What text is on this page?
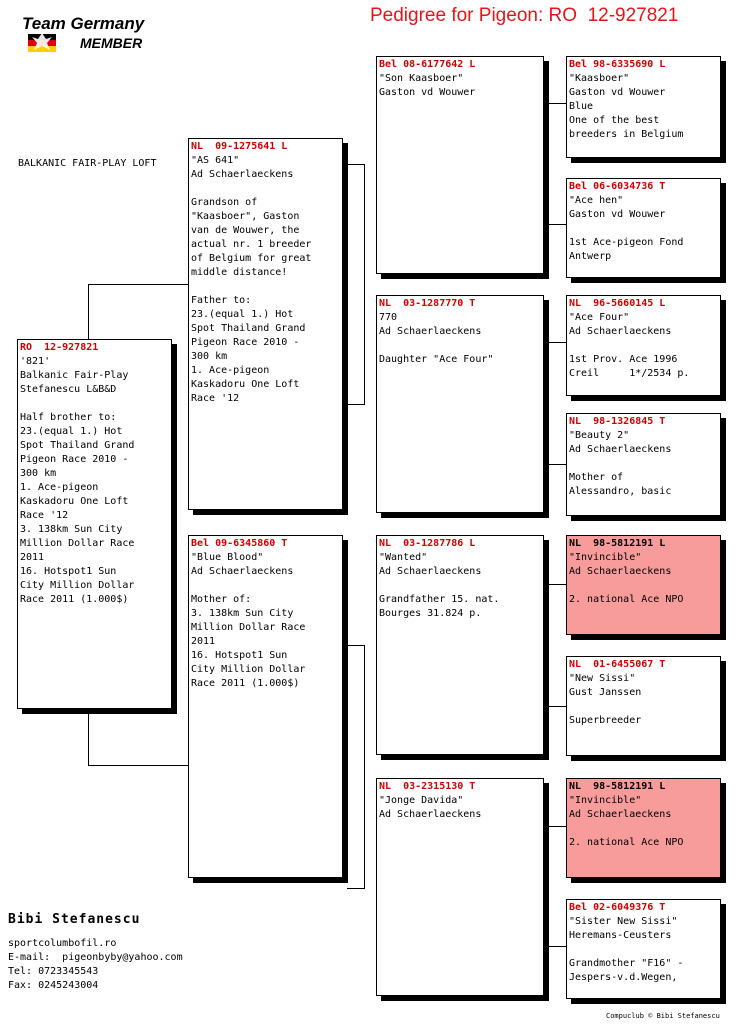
Team Germany
MEMBER
Pedigree for Pigeon: RO  12-927821
BALKANIC FAIR-PLAY LOFT
RO  12-927821
'821'
Balkanic Fair-Play
Stefanescu L&B&D

Half brother to:
23.(equal 1.) Hot
Spot Thailand Grand
Pigeon Race 2010 -
300 km
1. Ace-pigeon
Kaskadoru One Loft
Race '12
3. 138km Sun City
Million Dollar Race
2011
16. Hotspot1 Sun
City Million Dollar
Race 2011 (1.000$)
NL  09-1275641 L
"AS 641"
Ad Schaerlaeckens

Grandson of
"Kaasboer", Gaston
van de Wouwer, the
actual nr. 1 breeder
of Belgium for great
middle distance!

Father to:
23.(equal 1.) Hot
Spot Thailand Grand
Pigeon Race 2010 -
300 km
1. Ace-pigeon
Kaskadoru One Loft
Race '12
Bel 09-6345860 T
"Blue Blood"
Ad Schaerlaeckens

Mother of:
3. 138km Sun City
Million Dollar Race
2011
16. Hotspot1 Sun
City Million Dollar
Race 2011 (1.000$)
Bel 08-6177642 L
"Son Kaasboer"
Gaston vd Wouwer
NL  03-1287770 T
770
Ad Schaerlaeckens

Daughter "Ace Four"
NL  03-1287786 L
"Wanted"
Ad Schaerlaeckens

Grandfather 15. nat.
Bourges 31.824 p.
NL  03-2315130 T
"Jonge Davida"
Ad Schaerlaeckens
Bel 98-6335690 L
"Kaasboer"
Gaston vd Wouwer
Blue
One of the best
breeders in Belgium
Bel 06-6034736 T
"Ace hen"
Gaston vd Wouwer

1st Ace-pigeon Fond
Antwerp
NL  96-5660145 L
"Ace Four"
Ad Schaerlaeckens

1st Prov. Ace 1996
Creil     1*/2534 p.
NL  98-1326845 T
"Beauty 2"
Ad Schaerlaeckens

Mother of
Alessandro, basic
NL  98-5812191 L
"Invincible"
Ad Schaerlaeckens

2. national Ace NPO
NL  01-6455067 T
"New Sissi"
Gust Janssen

Superbreeder
NL  98-5812191 L
"Invincible"
Ad Schaerlaeckens

2. national Ace NPO
Bel 02-6049376 T
"Sister New Sissi"
Heremans-Ceusters

Grandmother "F16" -
Jespers-v.d.Wegen,
Bibi Stefanescu
sportcolumbofil.ro
E-mail:  pigeonbyby@yahoo.com
Tel: 0723345543
Fax: 0245243004
Compuclub © Bibi Stefanescu
